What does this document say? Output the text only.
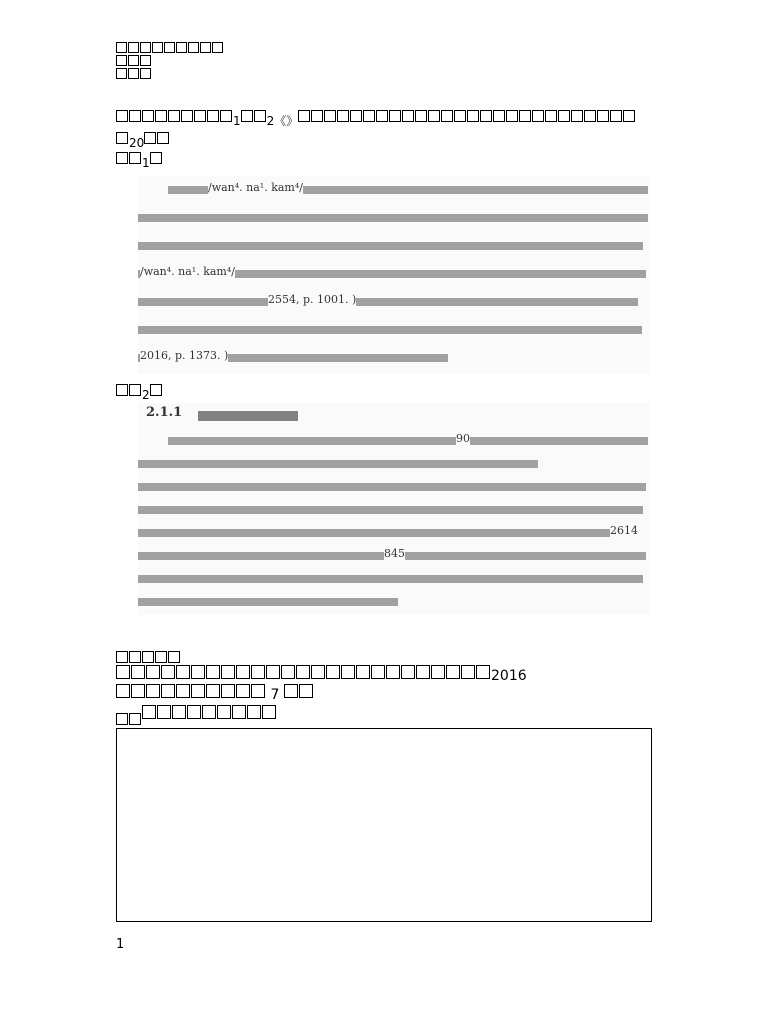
1 2《》
20
1
/wan⁴. na¹. kam⁴/
/wan⁴. na¹. kam⁴/
2554, p. 1001. )
2016, p. 1373. )
2
2.1.1
90
2614
845
2016 7
1
